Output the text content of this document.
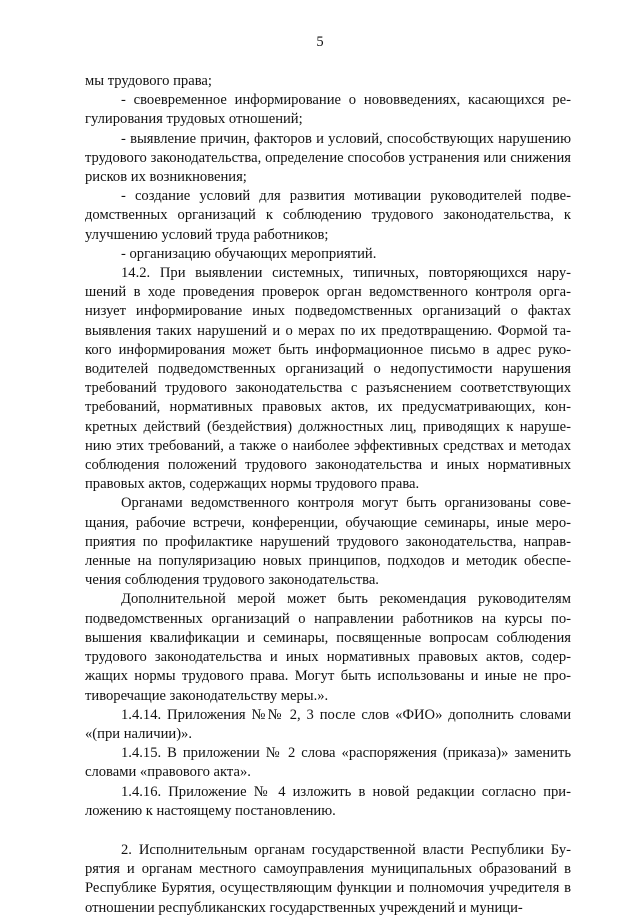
5

мы трудового права;

- своевременное информирование о нововведениях, касающихся регулирования трудовых отношений;

- выявление причин, факторов и условий, способствующих нарушению трудового законодательства, определение способов устранения или снижения рисков их возникновения;

- создание условий для развития мотивации руководителей подведомственных организаций к соблюдению трудового законодательства, к улучшению условий труда работников;

- организацию обучающих мероприятий.

14.2. При выявлении системных, типичных, повторяющихся нарушений в ходе проведения проверок орган ведомственного контроля организует информирование иных подведомственных организаций о фактах выявления таких нарушений и о мерах по их предотвращению. Формой такого информирования может быть информационное письмо в адрес руководителей подведомственных организаций о недопустимости нарушения требований трудового законодательства с разъяснением соответствующих требований, нормативных правовых актов, их предусматривающих, конкретных действий (бездействия) должностных лиц, приводящих к нарушению этих требований, а также о наиболее эффективных средствах и методах соблюдения положений трудового законодательства и иных нормативных правовых актов, содержащих нормы трудового права.

Органами ведомственного контроля могут быть организованы совещания, рабочие встречи, конференции, обучающие семинары, иные мероприятия по профилактике нарушений трудового законодательства, направленные на популяризацию новых принципов, подходов и методик обеспечения соблюдения трудового законодательства.

Дополнительной мерой может быть рекомендация руководителям подведомственных организаций о направлении работников на курсы повышения квалификации и семинары, посвященные вопросам соблюдения трудового законодательства и иных нормативных правовых актов, содержащих нормы трудового права. Могут быть использованы и иные не противоречащие законодательству меры.».

1.4.14. Приложения №№ 2, 3 после слов «ФИО» дополнить словами «(при наличии)».

1.4.15. В приложении № 2 слова «распоряжения (приказа)» заменить словами «правового акта».

1.4.16. Приложение № 4 изложить в новой редакции согласно приложению к настоящему постановлению.

2. Исполнительным органам государственной власти Республики Бурятия и органам местного самоуправления муниципальных образований в Республике Бурятия, осуществляющим функции и полномочия учредителя в отношении республиканских государственных учреждений и муници-
